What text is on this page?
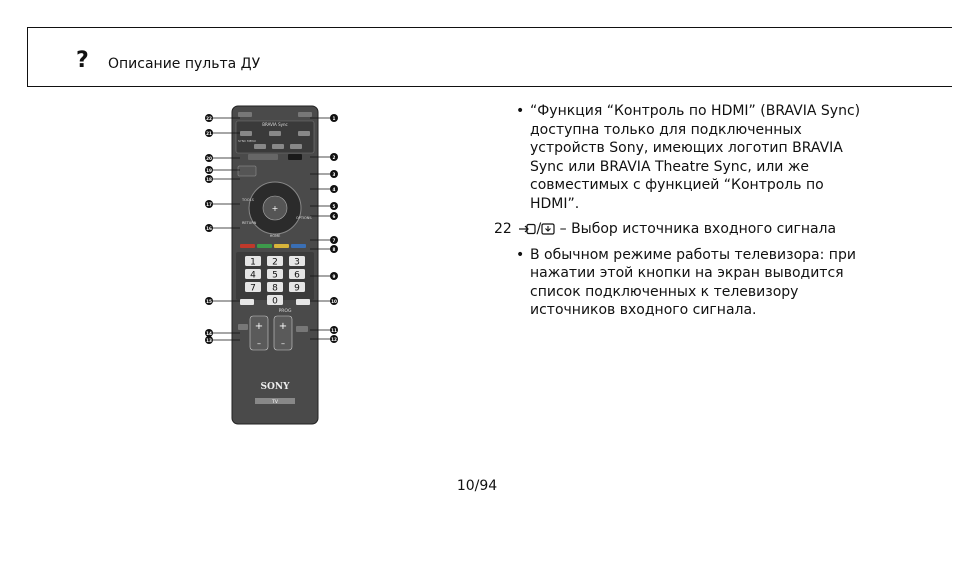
? Описание пульта ДУ
BRAVIA Sync
SYNC MENU
+
HOME
TOOLS
RETURN
OPTIONS
1 2 3
4 5 6
7 8 9
0
+
–
PROG
+
–
SONY
TV
22
21
20
19
18
17
16
15
14
13
1
2
3
4
5
6
7
8
9
10
11
12
• “Функция “Контроль по HDMI” (BRAVIA Sync)
доступна только для подключенных
устройств Sony, имеющих логотип BRAVIA
Sync или BRAVIA Theatre Sync, или же
совместимых с функцией “Контроль по
HDMI”.
22 / – Выбор источника входного сигнала
• В обычном режиме работы телевизора: при
нажатии этой кнопки на экран выводится
список подключенных к телевизору
источников входного сигнала.
10/94
